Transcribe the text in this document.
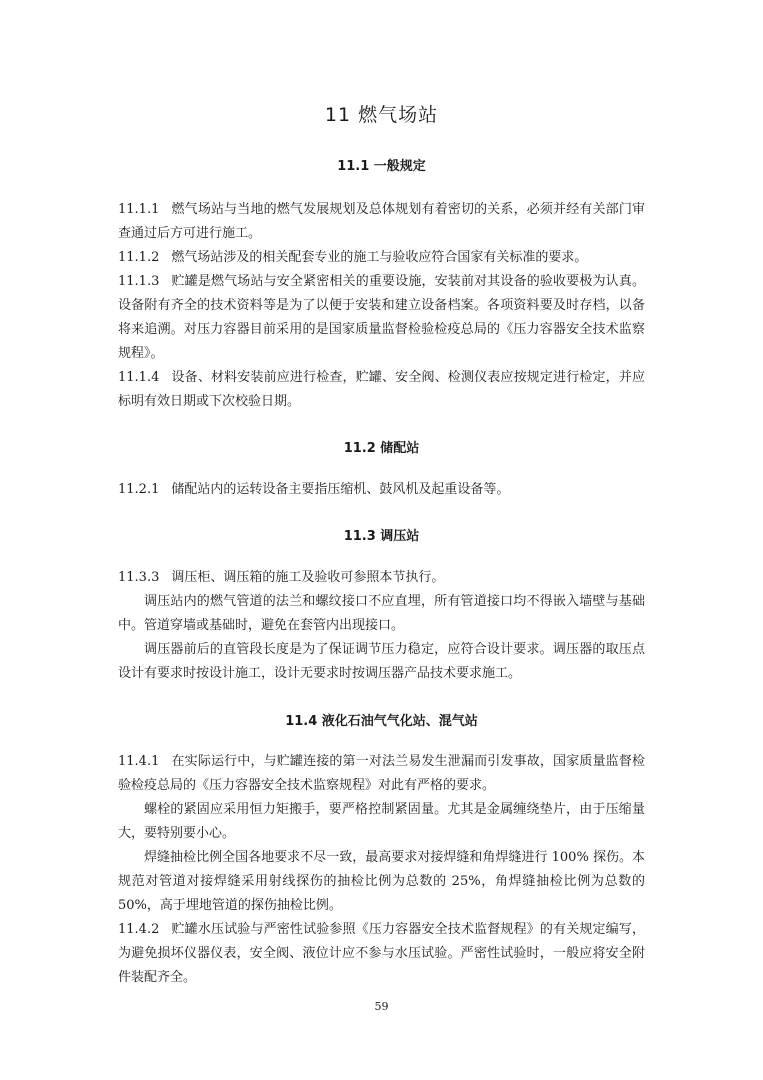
11 燃气场站

11.1 一般规定

11.1.1 燃气场站与当地的燃气发展规划及总体规划有着密切的关系，必须并经有关部门审查通过后方可进行施工。

11.1.2 燃气场站涉及的相关配套专业的施工与验收应符合国家有关标准的要求。

11.1.3 贮罐是燃气场站与安全紧密相关的重要设施，安装前对其设备的验收要极为认真。设备附有齐全的技术资料等是为了以便于安装和建立设备档案。各项资料要及时存档，以备将来追溯。对压力容器目前采用的是国家质量监督检验检疫总局的《压力容器安全技术监察规程》。

11.1.4 设备、材料安装前应进行检查，贮罐、安全阀、检测仪表应按规定进行检定，并应标明有效日期或下次校验日期。

11.2 储配站

11.2.1 储配站内的运转设备主要指压缩机、鼓风机及起重设备等。

11.3 调压站

11.3.3 调压柜、调压箱的施工及验收可参照本节执行。

调压站内的燃气管道的法兰和螺纹接口不应直埋，所有管道接口均不得嵌入墙壁与基础中。管道穿墙或基础时，避免在套管内出现接口。

调压器前后的直管段长度是为了保证调节压力稳定，应符合设计要求。调压器的取压点设计有要求时按设计施工，设计无要求时按调压器产品技术要求施工。

11.4 液化石油气气化站、混气站

11.4.1 在实际运行中，与贮罐连接的第一对法兰易发生泄漏而引发事故，国家质量监督检验检疫总局的《压力容器安全技术监察规程》对此有严格的要求。

螺栓的紧固应采用恒力矩搬手，要严格控制紧固量。尤其是金属缠绕垫片，由于压缩量大，要特别要小心。

焊缝抽检比例全国各地要求不尽一致，最高要求对接焊缝和角焊缝进行 100% 探伤。本规范对管道对接焊缝采用射线探伤的抽检比例为总数的 25%，角焊缝抽检比例为总数的 50%，高于埋地管道的探伤抽检比例。

11.4.2 贮罐水压试验与严密性试验参照《压力容器安全技术监督规程》的有关规定编写，为避免损坏仪器仪表，安全阀、液位计应不参与水压试验。严密性试验时，一般应将安全附件装配齐全。

59
